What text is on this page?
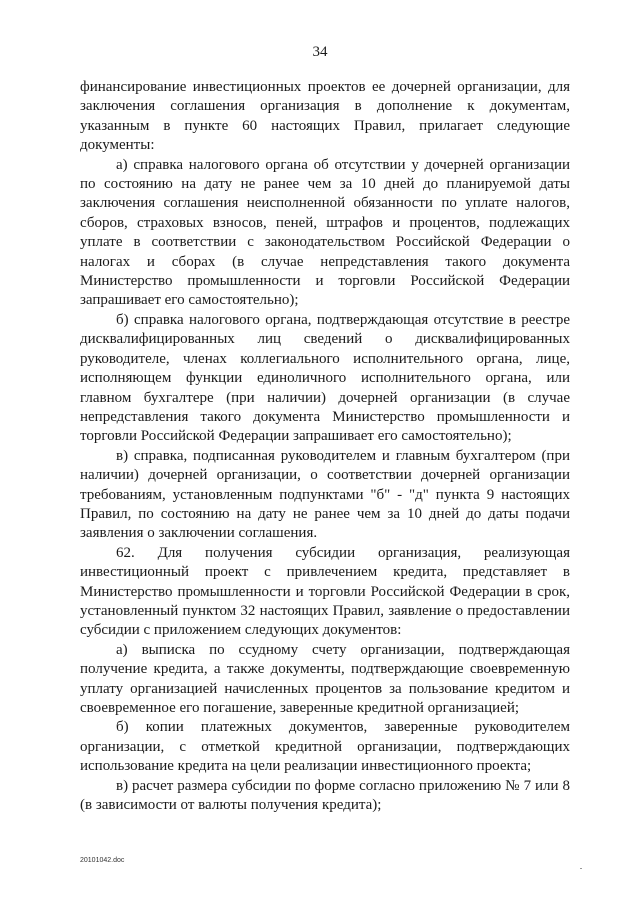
34

финансирование инвестиционных проектов ее дочерней организации, для заключения соглашения организация в дополнение к документам, указанным в пункте 60 настоящих Правил, прилагает следующие документы:

а) справка налогового органа об отсутствии у дочерней организации по состоянию на дату не ранее чем за 10 дней до планируемой даты заключения соглашения неисполненной обязанности по уплате налогов, сборов, страховых взносов, пеней, штрафов и процентов, подлежащих уплате в соответствии с законодательством Российской Федерации о налогах и сборах (в случае непредставления такого документа Министерство промышленности и торговли Российской Федерации запрашивает его самостоятельно);

б) справка налогового органа, подтверждающая отсутствие в реестре дисквалифицированных лиц сведений о дисквалифицированных руководителе, членах коллегиального исполнительного органа, лице, исполняющем функции единоличного исполнительного органа, или главном бухгалтере (при наличии) дочерней организации (в случае непредставления такого документа Министерство промышленности и торговли Российской Федерации запрашивает его самостоятельно);

в) справка, подписанная руководителем и главным бухгалтером (при наличии) дочерней организации, о соответствии дочерней организации требованиям, установленным подпунктами "б" - "д" пункта 9 настоящих Правил, по состоянию на дату не ранее чем за 10 дней до даты подачи заявления о заключении соглашения.

62. Для получения субсидии организация, реализующая инвестиционный проект с привлечением кредита, представляет в Министерство промышленности и торговли Российской Федерации в срок, установленный пунктом 32 настоящих Правил, заявление о предоставлении субсидии с приложением следующих документов:

а) выписка по ссудному счету организации, подтверждающая получение кредита, а также документы, подтверждающие своевременную уплату организацией начисленных процентов за пользование кредитом и своевременное его погашение, заверенные кредитной организацией;

б) копии платежных документов, заверенные руководителем организации, с отметкой кредитной организации, подтверждающих использование кредита на цели реализации инвестиционного проекта;

в) расчет размера субсидии по форме согласно приложению № 7 или 8 (в зависимости от валюты получения кредита);

20101042.doc
